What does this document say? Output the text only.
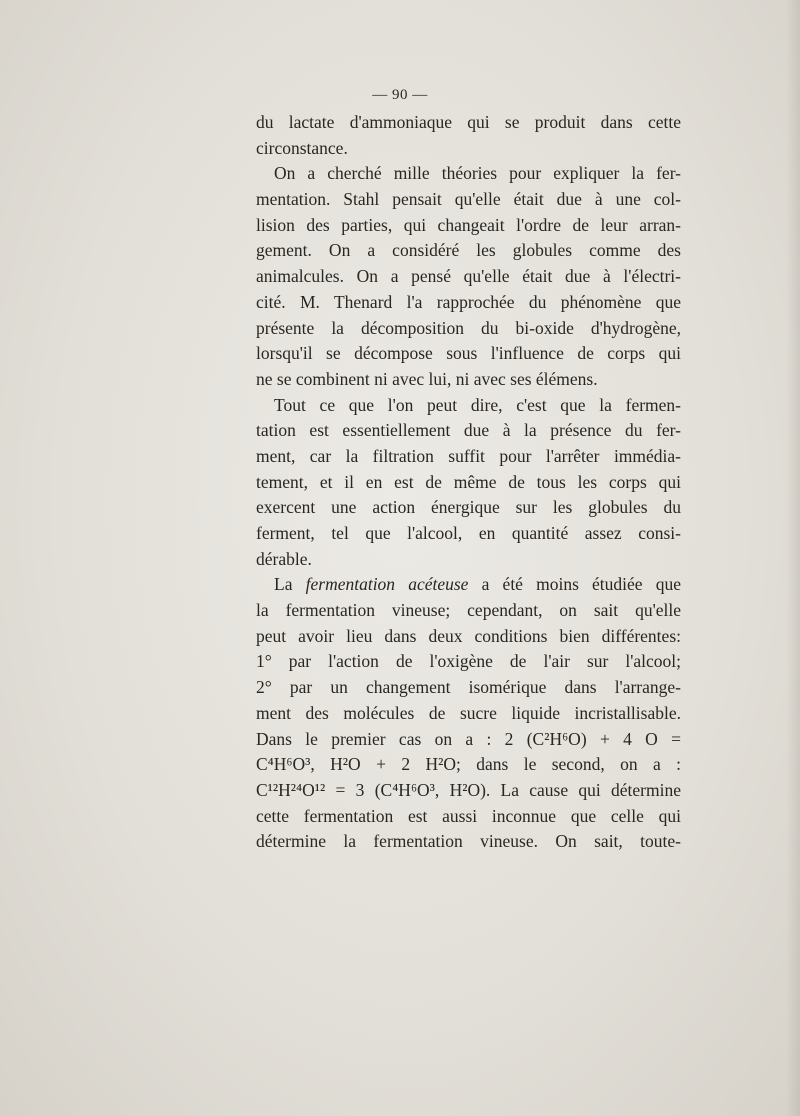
— 90 —
du lactate d'ammoniaque qui se produit dans cette
circonstance.
On a cherché mille théories pour expliquer la fer-
mentation. Stahl pensait qu'elle était due à une col-
lision des parties, qui changeait l'ordre de leur arran-
gement. On a considéré les globules comme des
animalcules. On a pensé qu'elle était due à l'électri-
cité. M. Thenard l'a rapprochée du phénomène que
présente la décomposition du bi-oxide d'hydrogène,
lorsqu'il se décompose sous l'influence de corps qui
ne se combinent ni avec lui, ni avec ses élémens.
Tout ce que l'on peut dire, c'est que la fermen-
tation est essentiellement due à la présence du fer-
ment, car la filtration suffit pour l'arrêter immédia-
tement, et il en est de même de tous les corps qui
exercent une action énergique sur les globules du
ferment, tel que l'alcool, en quantité assez consi-
dérable.
La fermentation acéteuse a été moins étudiée que
la fermentation vineuse; cependant, on sait qu'elle
peut avoir lieu dans deux conditions bien différentes:
1° par l'action de l'oxigène de l'air sur l'alcool;
2° par un changement isomérique dans l'arrange-
ment des molécules de sucre liquide incristallisable.
Dans le premier cas on a : 2 (C²H⁶O) + 4 O =
C⁴H⁶O³, H²O + 2 H²O; dans le second, on a :
C¹²H²⁴O¹² = 3 (C⁴H⁶O³, H²O). La cause qui détermine
cette fermentation est aussi inconnue que celle qui
détermine la fermentation vineuse. On sait, toute-
